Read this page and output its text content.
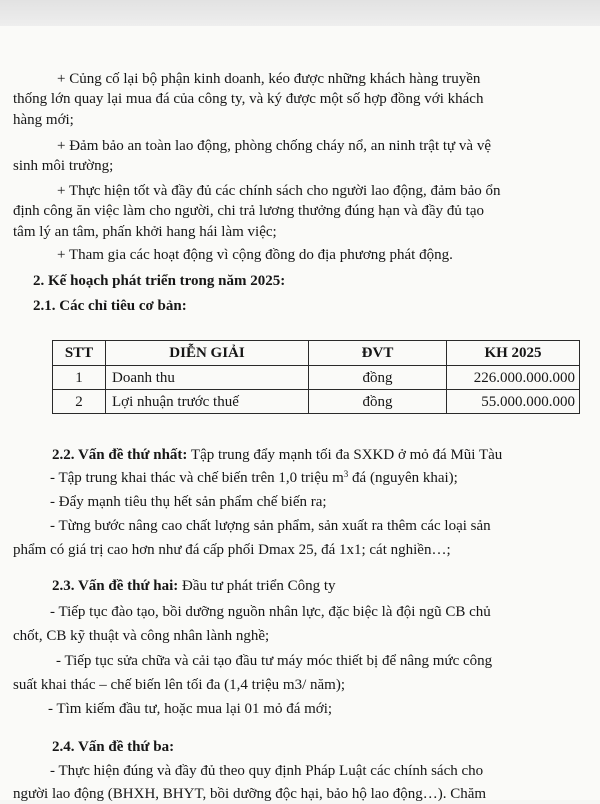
+ Củng cố lại bộ phận kinh doanh, kéo được những khách hàng truyền

thống lớn quay lại mua đá của công ty, và ký được một số hợp đồng với khách

hàng mới;

+ Đảm bảo an toàn lao động, phòng chống cháy nổ, an ninh trật tự và vệ

sinh môi trường;

+ Thực hiện tốt và đầy đủ các chính sách cho người lao động, đảm bảo ổn

định công ăn việc làm cho người, chi trả lương thưởng đúng hạn và đầy đủ tạo

tâm lý an tâm, phấn khởi hang hái làm việc;

+ Tham gia các hoạt động vì cộng đồng do địa phương phát động.

2. Kế hoạch phát triển trong năm 2025:

2.1. Các chỉ tiêu cơ bản:

STT	DIỄN GIẢI	ĐVT	KH 2025
1	Doanh thu	đồng	226.000.000.000
2	Lợi nhuận trước thuế	đồng	55.000.000.000

2.2. Vấn đề thứ nhất: Tập trung đẩy mạnh tối đa SXKD ở mỏ đá Mũi Tàu

- Tập trung khai thác và chế biến trên 1,0 triệu $m^3$ đá (nguyên khai);

- Đẩy mạnh tiêu thụ hết sản phẩm chế biến ra;

- Từng bước nâng cao chất lượng sản phẩm, sản xuất ra thêm các loại sản

phẩm có giá trị cao hơn như đá cấp phối Dmax 25, đá 1x1; cát nghiền…;

2.3. Vấn đề thứ hai: Đầu tư phát triển Công ty

- Tiếp tục đào tạo, bồi dưỡng nguồn nhân lực, đặc biệc là đội ngũ CB chủ

chốt, CB kỹ thuật và công nhân lành nghề;

- Tiếp tục sửa chữa và cải tạo đầu tư máy móc thiết bị để nâng mức công

suất khai thác – chế biến lên tối đa (1,4 triệu m3/ năm);

- Tìm kiếm đầu tư, hoặc mua lại 01 mỏ đá mới;

2.4. Vấn đề thứ ba:

- Thực hiện đúng và đầy đủ theo quy định Pháp Luật các chính sách cho

người lao động (BHXH, BHYT, bồi dưỡng độc hại, bảo hộ lao động…). Chăm
